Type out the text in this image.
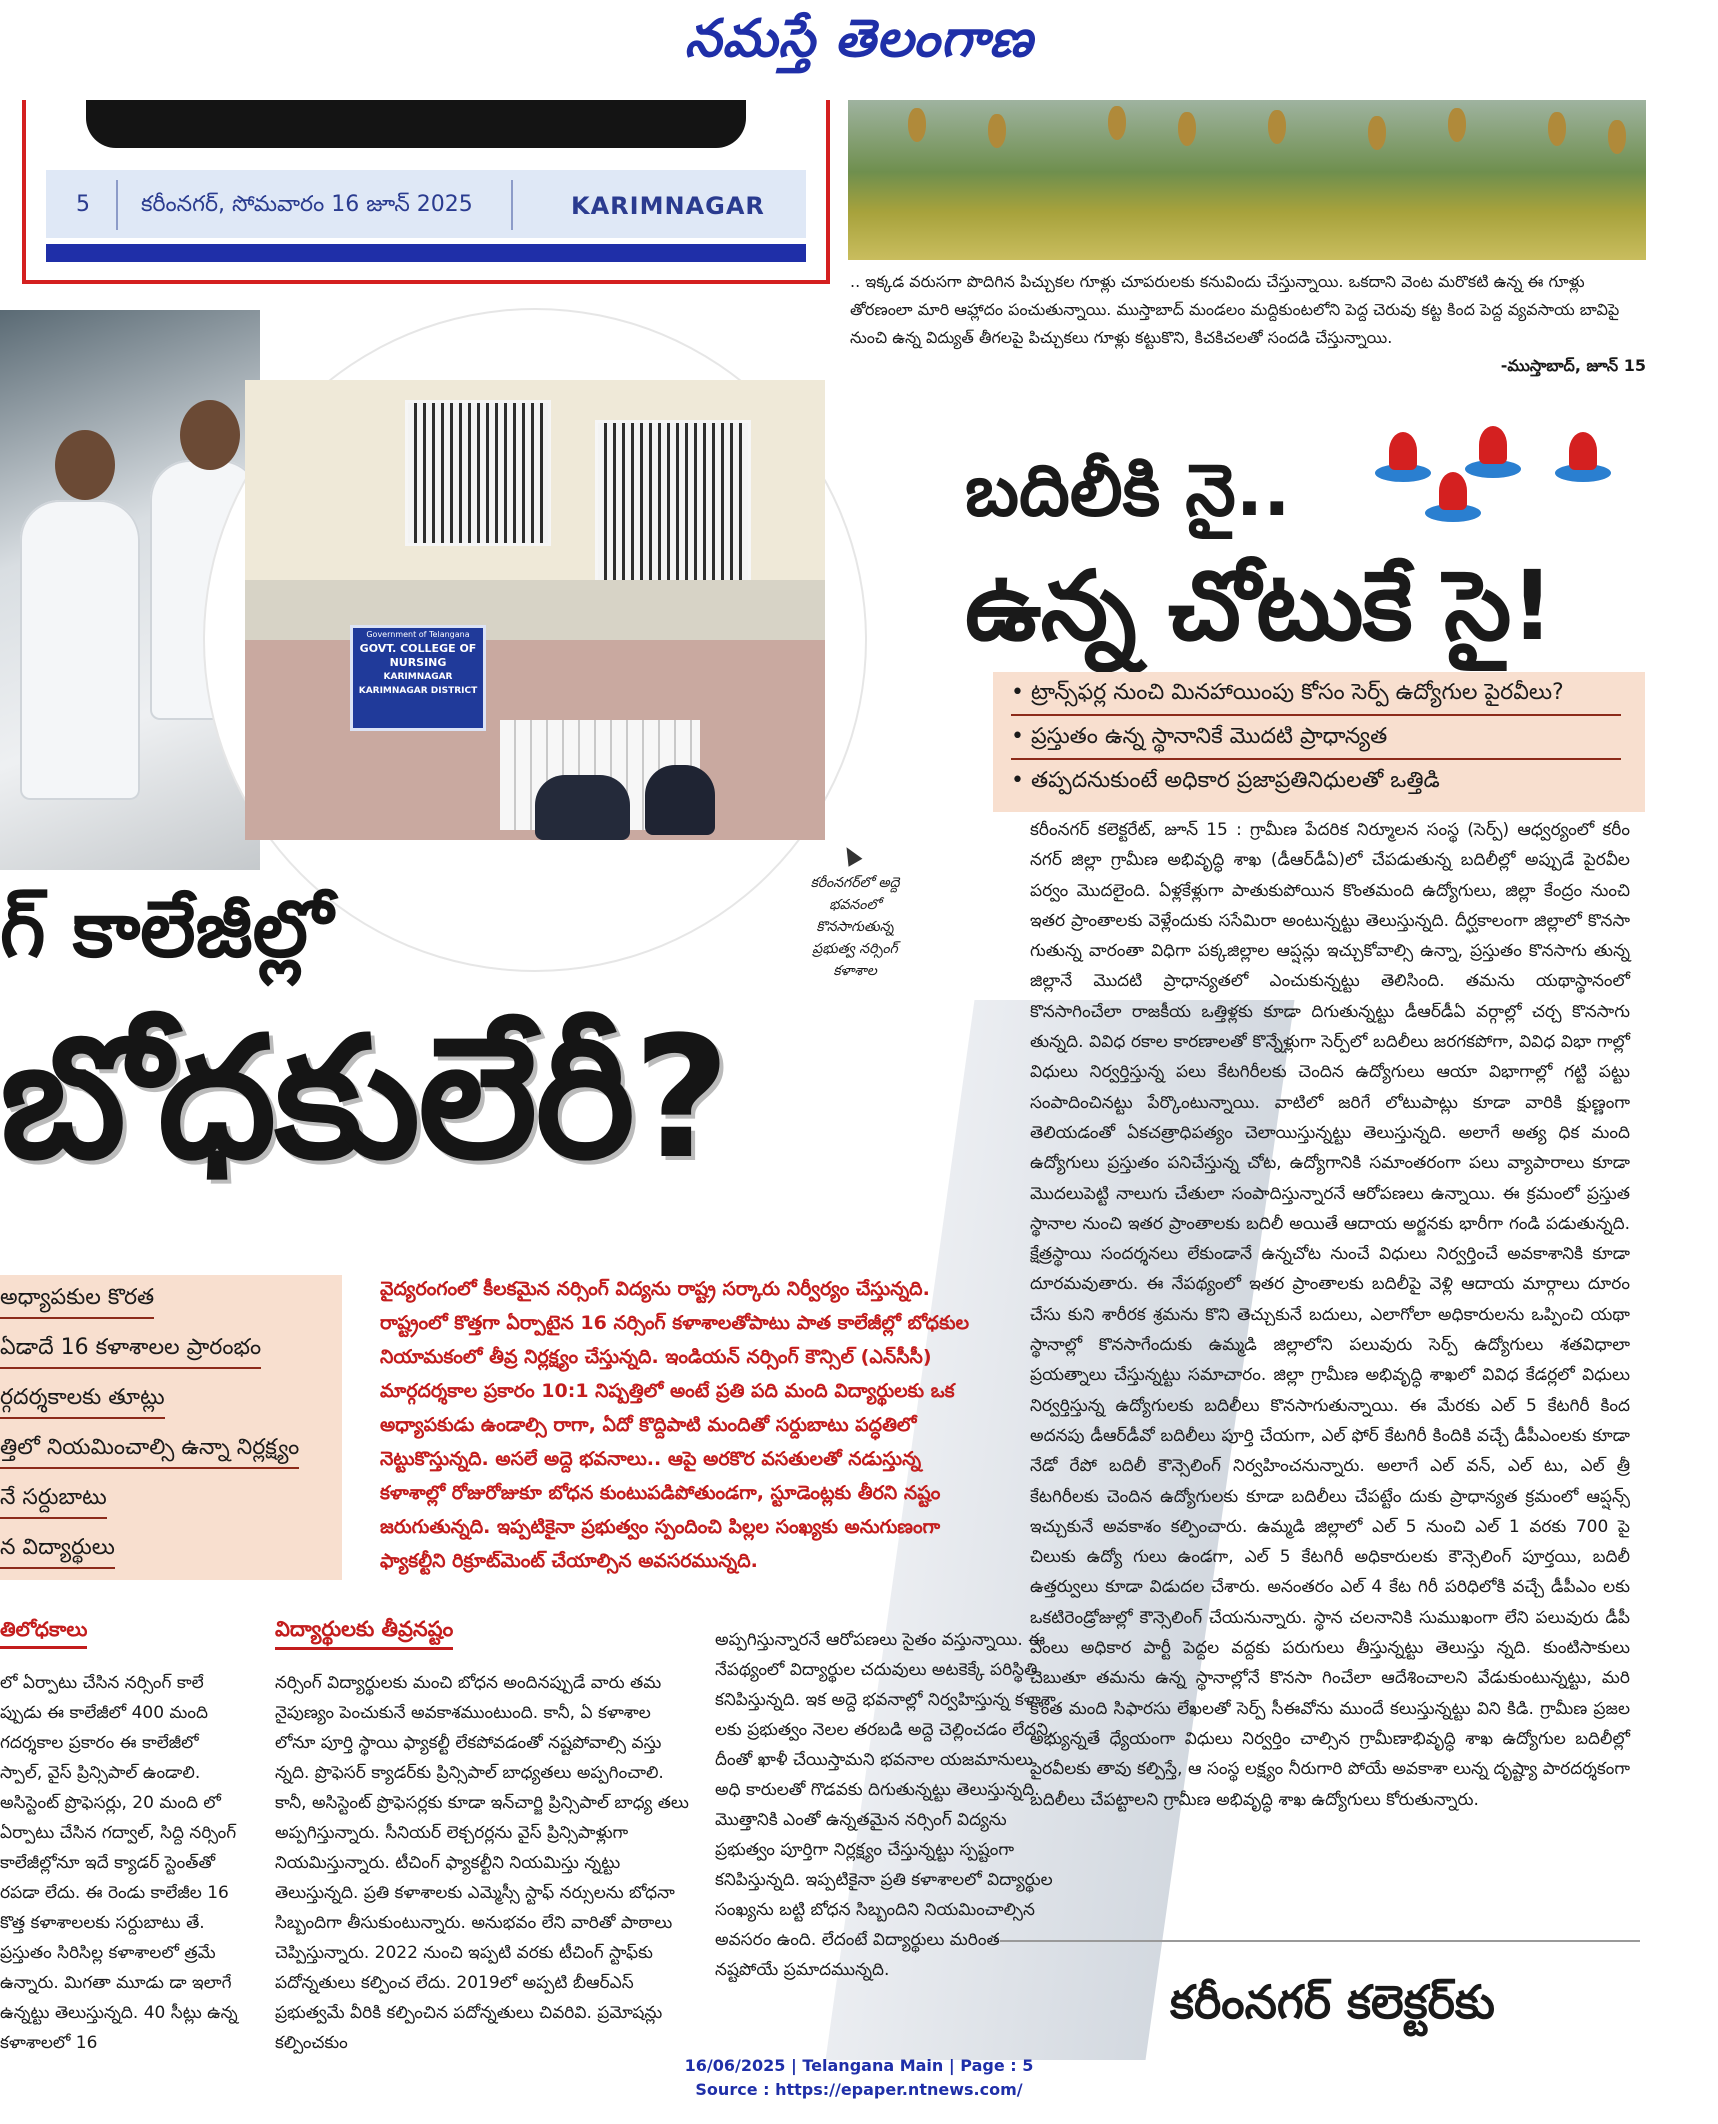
నమస్తే తెలంగాణ
5 కరీంనగర్, సోమవారం 16 జూన్ 2025	KARIMNAGAR
.. ఇక్కడ వరుసగా పొదిగిన పిచ్చుకల గూళ్లు చూపరులకు కనువిందు చేస్తున్నాయి. ఒకదాని వెంట మరొకటి ఉన్న ఈ గూళ్లు తోరణంలా మారి ఆహ్లాదం పంచుతున్నాయి. ముస్తాబాద్ మండలం మద్దికుంటలోని పెద్ద చెరువు కట్ట కింద పెద్ద వ్యవసాయ బావిపై నుంచి ఉన్న విద్యుత్ తీగలపై పిచ్చుకలు గూళ్లు కట్టుకొని, కిచకిచలతో సందడి చేస్తున్నాయి.
-ముస్తాబాద్, జూన్ 15
Government of Telangana
GOVT. COLLEGE OF
NURSING
KARIMNAGAR
KARIMNAGAR DISTRICT
కరీంనగర్‌లో అద్దె భవనంలో కొనసాగుతున్న ప్రభుత్వ నర్సింగ్ కళాశాల
గ్ కాలేజీల్లో
బోధకులేరీ?
అధ్యాపకుల కొరత
ఏడాదే 16 కళాశాలల ప్రారంభం
ర్గదర్శకాలకు తూట్లు
త్తిలో నియమించాల్సి ఉన్నా నిర్లక్ష్యం
నే సర్దుబాటు
న విద్యార్థులు
వైద్యరంగంలో కీలకమైన నర్సింగ్ విద్యను రాష్ట్ర సర్కారు నిర్వీర్యం చేస్తున్నది. రాష్ట్రంలో కొత్తగా ఏర్పాటైన 16 నర్సింగ్ కళాశాలతోపాటు పాత కాలేజీల్లో బోధకుల నియామకంలో తీవ్ర నిర్లక్ష్యం చేస్తున్నది. ఇండియన్ నర్సింగ్ కౌన్సిల్ (ఎన్‌సీసీ) మార్గదర్శకాల ప్రకారం 10:1 నిష్పత్తిలో అంటే ప్రతి పది మంది విద్యార్థులకు ఒక అధ్యాపకుడు ఉండాల్సి రాగా, ఏదో కొద్దిపాటి మందితో సర్దుబాటు పద్ధతిలో నెట్టుకొస్తున్నది. అసలే అద్దె భవనాలు.. ఆపై అరకొర వసతులతో నడుస్తున్న కళాశాల్లో రోజురోజుకూ బోధన కుంటుపడిపోతుండగా, స్టూడెంట్లకు తీరని నష్టం జరుగుతున్నది. ఇప్పటికైనా ప్రభుత్వం స్పందించి పిల్లల సంఖ్యకు అనుగుణంగా ఫ్యాకల్టీని రిక్రూట్‌మెంట్ చేయాల్సిన అవసరమున్నది.
తిలోధకాలు	విద్యార్థులకు తీవ్రనష్టం
లో ఏర్పాటు చేసిన నర్సింగ్ కాలే ప్పుడు ఈ కాలేజీలో 400 మంది గదర్శకాల ప్రకారం ఈ కాలేజీలో స్పాల్, వైస్ ప్రిన్సిపాల్ ఉండాలి. అసిస్టెంట్ ప్రొఫెసర్లు, 20 మంది లో ఏర్పాటు చేసిన గద్వాల్, సిద్ది నర్సింగ్ కాలేజీల్లోనూ ఇదే క్యాడర్ స్టెంత్‌తో రపడా లేదు. ఈ రెండు కాలేజీల 16 కొత్త కళాశాలలకు సర్దుబాటు తే. ప్రస్తుతం సిరిసిల్ల కళాశాలలో త్రమే ఉన్నారు. మిగతా మూడు డా ఇలాగే ఉన్నట్టు తెలుస్తున్నది. 40 సీట్లు ఉన్న కళాశాలలో 16
నర్సింగ్ విద్యార్థులకు మంచి బోధన అందినప్పుడే వారు తమ నైపుణ్యం పెంచుకునే అవకాశముంటుంది. కానీ, ఏ కళాశాల లోనూ పూర్తి స్థాయి ఫ్యాకల్టీ లేకపోవడంతో నష్టపోవాల్సి వస్తు న్నది. ప్రొఫెసర్ క్యాడర్‌కు ప్రిన్సిపాల్ బాధ్యతలు అప్పగించాలి. కానీ, అసిస్టెంట్ ప్రొఫెసర్లకు కూడా ఇన్‌చార్జి ప్రిన్సిపాల్ బాధ్య తలు అప్పగిస్తున్నారు. సీనియర్ లెక్చరర్లను వైస్ ప్రిన్సిపాళ్లుగా నియమిస్తున్నారు. టీచింగ్ ఫ్యాకల్టీని నియమిస్తు న్నట్టు తెలుస్తున్నది. ప్రతి కళాశాలకు ఎమ్మెస్సీ స్టాఫ్ నర్సులను బోధనా సిబ్బందిగా తీసుకుంటున్నారు. అనుభవం లేని వారితో పాఠాలు చెప్పిస్తున్నారు. 2022 నుంచి ఇప్పటి వరకు టీచింగ్ స్టాఫ్‌కు పదోన్నతులు కల్పించ లేదు. 2019లో అప్పటి బీఆర్‌ఎస్ ప్రభుత్వమే వీరికి కల్పించిన పదోన్నతులు చివరివి. ప్రమోషన్లు కల్పించకుం
అప్పగిస్తున్నారనే ఆరోపణలు సైతం వస్తున్నాయి. ఈ నేపథ్యంలో విద్యార్థుల చదువులు అటకెక్కే పరిస్థితి కనిపిస్తున్నది. ఇక అద్దె భవనాల్లో నిర్వహిస్తున్న కళాశా లకు ప్రభుత్వం నెలల తరబడి అద్దె చెల్లించడం లేదని, దీంతో ఖాళీ చేయిస్తామని భవనాల యజమానులు అధి కారులతో గొడవకు దిగుతున్నట్టు తెలుస్తున్నది. మొత్తానికి ఎంతో ఉన్నతమైన నర్సింగ్ విద్యను ప్రభుత్వం పూర్తిగా నిర్లక్ష్యం చేస్తున్నట్టు స్పష్టంగా కనిపిస్తున్నది. ఇప్పటికైనా ప్రతి కళాశాలలో విద్యార్థుల సంఖ్యను బట్టి బోధన సిబ్బందిని నియమించాల్సిన అవసరం ఉంది. లేదంటే విద్యార్థులు మరింత నష్టపోయే ప్రమాదమున్నది.
బదిలీకి నై..
ఉన్న చోటుకే సై!
• ట్రాన్స్‌ఫర్ల నుంచి మినహాయింపు కోసం సెర్ప్ ఉద్యోగుల పైరవీలు?
• ప్రస్తుతం ఉన్న స్థానానికే మొదటి ప్రాధాన్యత
• తప్పదనుకుంటే అధికార ప్రజాప్రతినిధులతో ఒత్తిడి
కరీంనగర్ కలెక్టరేట్, జూన్ 15 : గ్రామీణ పేదరిక నిర్మూలన సంస్థ (సెర్ప్) ఆధ్వర్యంలో కరీం నగర్ జిల్లా గ్రామీణ అభివృద్ధి శాఖ (డీఆర్‌డీఏ)లో చేపడుతున్న బదిలీల్లో అప్పుడే పైరవీల పర్వం మొదలైంది. ఏళ్లకేళ్లుగా పాతుకుపోయిన కొంతమంది ఉద్యోగులు, జిల్లా కేంద్రం నుంచి ఇతర ప్రాంతాలకు వెళ్లేందుకు ససేమిరా అంటున్నట్టు తెలుస్తున్నది. దీర్ఘకాలంగా జిల్లాలో కొనసా గుతున్న వారంతా విధిగా పక్కజిల్లాల ఆప్షన్లు ఇచ్చుకోవాల్సి ఉన్నా, ప్రస్తుతం కొనసాగు తున్న జిల్లానే మొదటి ప్రాధాన్యతలో ఎంచుకున్నట్టు తెలిసింది. తమను యథాస్థానంలో కొనసాగించేలా రాజకీయ ఒత్తిళ్లకు కూడా దిగుతున్నట్టు డీఆర్‌డీఏ వర్గాల్లో చర్చ కొనసాగు తున్నది. వివిధ రకాల కారణాలతో కొన్నేళ్లుగా సెర్ప్‌లో బదిలీలు జరగకపోగా, వివిధ విభా గాల్లో విధులు నిర్వర్తిస్తున్న పలు కేటగిరీలకు చెందిన ఉద్యోగులు ఆయా విభాగాల్లో గట్టి పట్టు సంపాదించినట్టు పేర్కొంటున్నాయి. వాటిలో జరిగే లోటుపాట్లు కూడా వారికి క్షుణ్ణంగా తెలియడంతో ఏకచత్రాధిపత్యం చెలాయిస్తున్నట్టు తెలుస్తున్నది. అలాగే అత్య ధిక మంది ఉద్యోగులు ప్రస్తుతం పనిచేస్తున్న చోట, ఉద్యోగానికి సమాంతరంగా పలు వ్యాపారాలు కూడా మొదలుపెట్టి నాలుగు చేతులా సంపాదిస్తున్నారనే ఆరోపణలు ఉన్నాయి. ఈ క్రమంలో ప్రస్తుత స్థానాల నుంచి ఇతర ప్రాంతాలకు బదిలీ అయితే ఆదాయ అర్జనకు భారీగా గండి పడుతున్నది. క్షేత్రస్థాయి సందర్శనలు లేకుండానే ఉన్నచోట నుంచే విధులు నిర్వర్తించే అవకాశానికి కూడా దూరమవుతారు. ఈ నేపథ్యంలో ఇతర ప్రాంతాలకు బదిలీపై వెళ్లి ఆదాయ మార్గాలు దూరం చేసు కుని శారీరక శ్రమను కొని తెచ్చుకునే బదులు, ఎలాగోలా అధికారులను ఒప్పించి యథా స్థానాల్లో కొనసాగేందుకు ఉమ్మడి జిల్లాలోని పలువురు సెర్ప్ ఉద్యోగులు శతవిధాలా ప్రయత్నాలు చేస్తున్నట్టు సమాచారం. జిల్లా గ్రామీణ అభివృద్ధి శాఖలో వివిధ కేడర్లలో విధులు నిర్వర్తిస్తున్న ఉద్యోగులకు బదిలీలు కొనసాగుతున్నాయి. ఈ మేరకు ఎల్ 5 కేటగిరీ కింద అదనపు డీఆర్‌డీవో బదిలీలు పూర్తి చేయగా, ఎల్ ఫోర్ కేటగిరీ కిందికి వచ్చే డీపీఎంలకు కూడా నేడో రేపో బదిలీ కౌన్సెలింగ్ నిర్వహించనున్నారు. అలాగే ఎల్ వన్, ఎల్ టు, ఎల్ త్రీ కేటగిరీలకు చెందిన ఉద్యోగులకు కూడా బదిలీలు చేపట్టేం దుకు ప్రాధాన్యత క్రమంలో ఆప్షన్స్ ఇచ్చుకునే అవకాశం కల్పించారు. ఉమ్మడి జిల్లాలో ఎల్ 5 నుంచి ఎల్ 1 వరకు 700 పై చిలుకు ఉద్యో గులు ఉండగా, ఎల్ 5 కేటగిరీ అధికారులకు కౌన్సెలింగ్ పూర్తయి, బదిలీ ఉత్తర్వులు కూడా విడుదల చేశారు. అనంతరం ఎల్ 4 కేట గిరీ పరిధిలోకి వచ్చే డీపీఎం లకు ఒకటిరెండ్రోజుల్లో కౌన్సెలింగ్ చేయనున్నారు. స్థాన చలనానికి సుముఖంగా లేని పలువురు డీపీ ఎంలు అధికార పార్టీ పెద్దల వద్దకు పరుగులు తీస్తున్నట్టు తెలుస్తు న్నది. కుంటిసాకులు చెబుతూ తమను ఉన్న స్థానాల్లోనే కొనసా గించేలా ఆదేశించాలని వేడుకుంటున్నట్టు, మరి కొంత మంది సిఫారసు లేఖలతో సెర్ప్ సీఈవోను ముందే కలుస్తున్నట్టు విని కిడి. గ్రామీణ ప్రజల అభ్యున్నతే ధ్యేయంగా విధులు నిర్వర్తిం చాల్సిన గ్రామీణాభివృద్ధి శాఖ ఉద్యోగుల బదిలీల్లో పైరవీలకు తావు కల్పిస్తే, ఆ సంస్థ లక్ష్యం నీరుగారి పోయే అవకాశా లున్న దృష్ట్యా పారదర్శకంగా బదిలీలు చేపట్టాలని గ్రామీణ అభివృద్ధి శాఖ ఉద్యోగులు కోరుతున్నారు.
కరీంనగర్ కలెక్టర్‌కు
16/06/2025 | Telangana Main | Page : 5
Source : https://epaper.ntnews.com/
